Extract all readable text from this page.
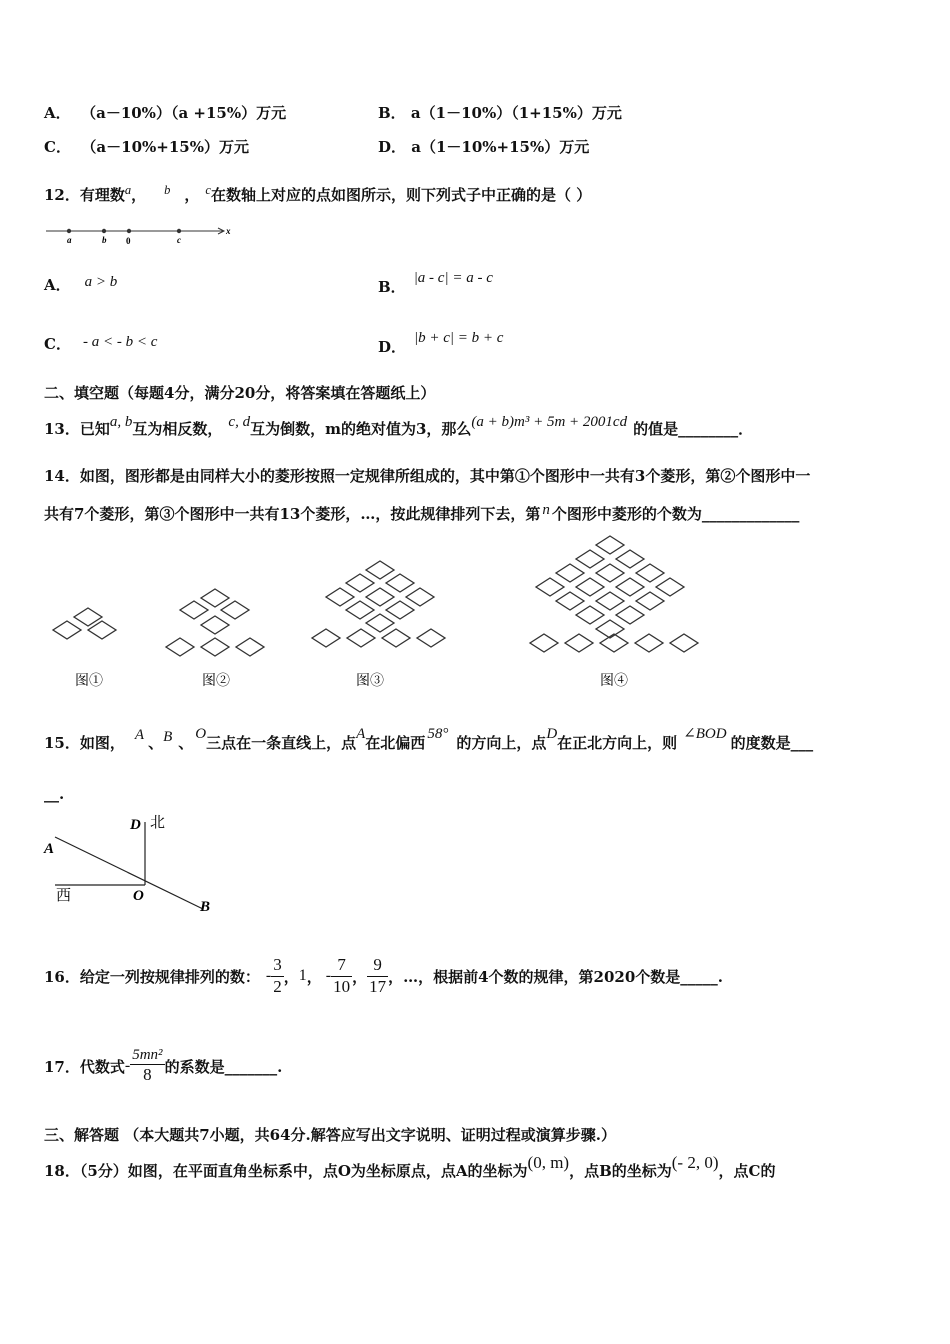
A． （a－10%）（a +15%）万元	B． a（1－10%）（1+15%）万元
C． （a－10%+15%）万元	D． a（1－10%+15%）万元
12．有理数$^a$， $^b$ ， $^c$在数轴上对应的点如图所示，则下列式子中正确的是（ ）
a	b 0	c
x
A． a > b	B． |a - c| = a - c
C． - a < - b < c	D． |b + c| = b + c
二、填空题（每题4分，满分20分，将答案填在答题纸上）
13．已知a, b互为相反数， c, d互为倒数，m的绝对值为3，那么(a + b)m³ + 5m + 2001cd 的值是________．
14．如图，图形都是由同样大小的菱形按照一定规律所组成的，其中第①个图形中一共有3个菱形，第②个图形中一
共有7个菱形，第③个图形中一共有13个菱形，…，按此规律排列下去，第 n 个图形中菱形的个数为_____________
图①	图②	图③	图④
15．如图， A 、B 、 O三点在一条直线上，点A在北偏西 58° 的方向上，点D在正北方向上，则 ∠BOD 的度数是___
__.
D 北
A
西	O
B
16． 给定一列按规律排列的数： - $\frac{3}{2}$ ， 1 ， - $\frac{7}{10}$ ， $\frac{9}{17}$ ，…，根据前4个数的规律，第2020个数是_____.
17． 代数式 - $\frac{\text{5mn²}}{8}$ 的系数是_______.
三、解答题 （本大题共7小题，共64分.解答应写出文字说明、证明过程或演算步骤.）
18．（5分）如图，在平面直角坐标系中，点O为坐标原点，点A的坐标为(0, m)，点B的坐标为(- 2, 0)，点C的
